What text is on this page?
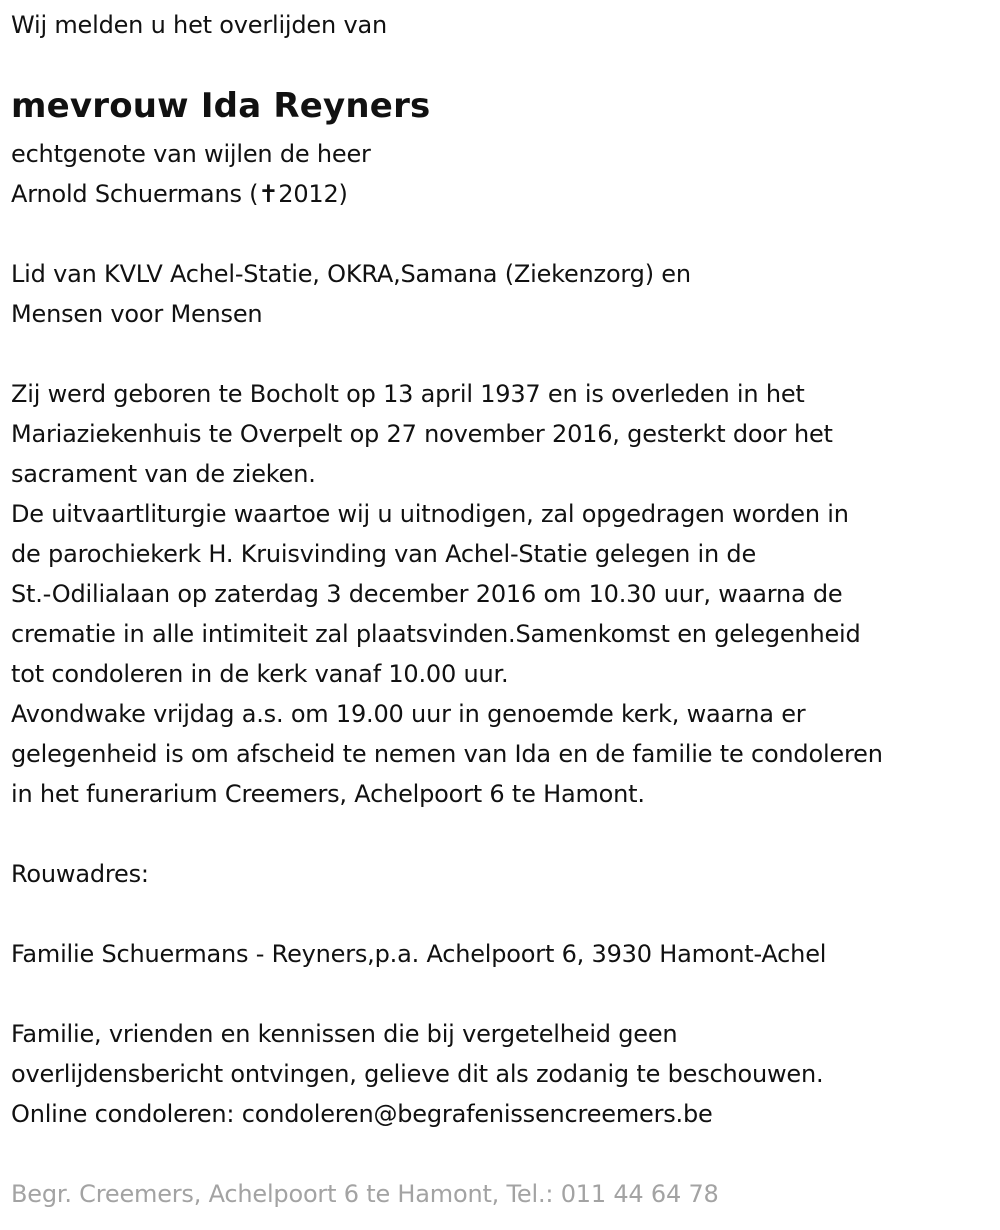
Wij melden u het overlijden van
mevrouw Ida Reyners
echtgenote van wijlen de heer
Arnold Schuermans (✝2012)
Lid van KVLV Achel-Statie, OKRA,Samana (Ziekenzorg) en
Mensen voor Mensen
Zij werd geboren te Bocholt op 13 april 1937 en is overleden in het
Mariaziekenhuis te Overpelt op 27 november 2016, gesterkt door het
sacrament van de zieken.
De uitvaartliturgie waartoe wij u uitnodigen, zal opgedragen worden in
de parochiekerk H. Kruisvinding van Achel-Statie gelegen in de
St.-Odilialaan op zaterdag 3 december 2016 om 10.30 uur, waarna de
crematie in alle intimiteit zal plaatsvinden.Samenkomst en gelegenheid
tot condoleren in de kerk vanaf 10.00 uur.
Avondwake vrijdag a.s. om 19.00 uur in genoemde kerk, waarna er
gelegenheid is om afscheid te nemen van Ida en de familie te condoleren
in het funerarium Creemers, Achelpoort 6 te Hamont.
Rouwadres:
Familie Schuermans - Reyners,p.a. Achelpoort 6, 3930 Hamont-Achel
Familie, vrienden en kennissen die bij vergetelheid geen
overlijdensbericht ontvingen, gelieve dit als zodanig te beschouwen.
Online condoleren: condoleren@begrafenissencreemers.be
Begr. Creemers, Achelpoort 6 te Hamont, Tel.: 011 44 64 78
